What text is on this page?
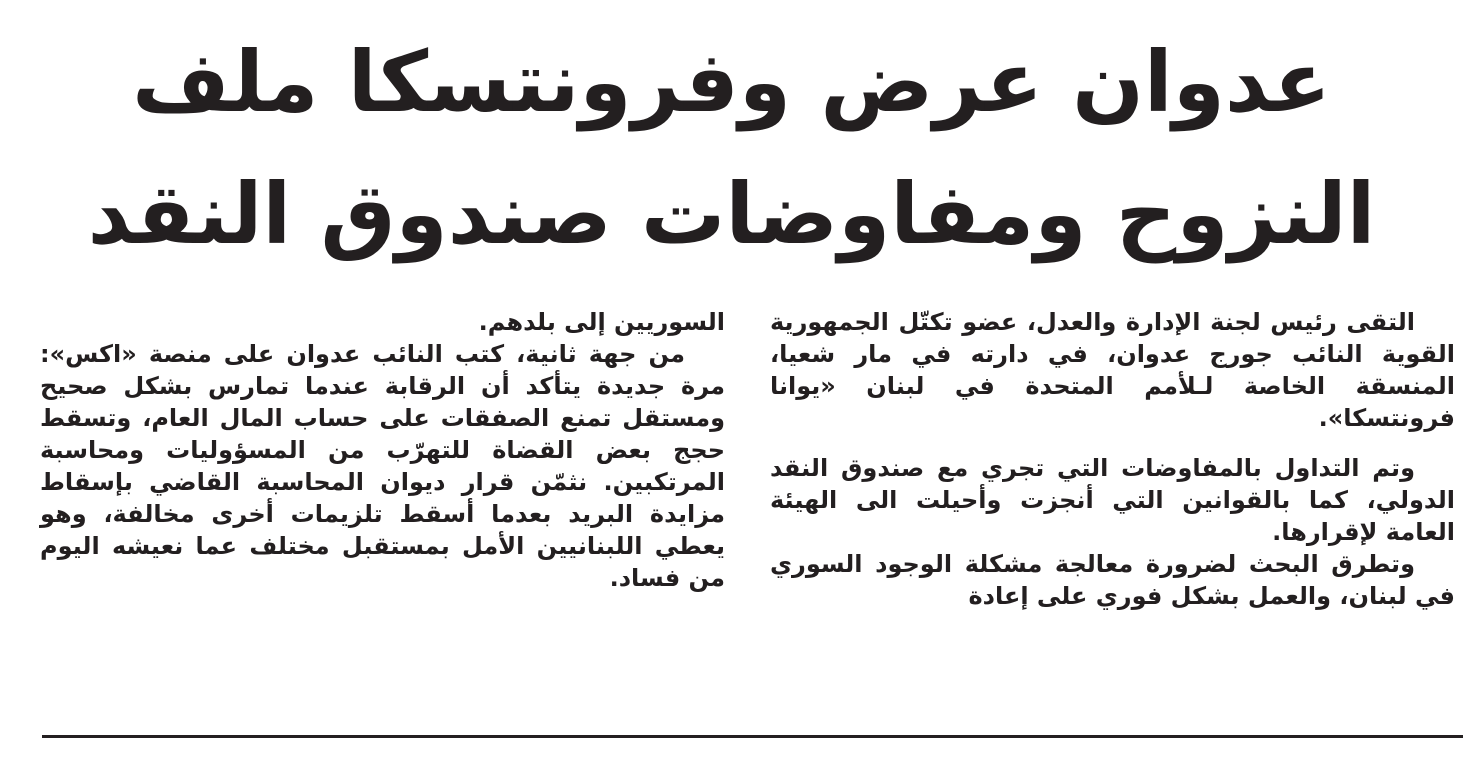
عدوان عرض وفرونتسكا ملف
النزوح ومفاوضات صندوق النقد

التقى رئيس لجنة الإدارة والعدل، عضو تكتّل الجمهورية القوية النائب جورج عدوان، في دارته في مار شعيا، المنسقة الخاصة لـلأمم المتحدة في لبنان «يوانا فرونتسكا».

وتم التداول بالمفاوضات التي تجري مع صندوق النقد الدولي، كما بالقوانين التي أنجزت وأحيلت الى الهيئة العامة لإقرارها.

وتطرق البحث لضرورة معالجة مشكلة الوجود السوري في لبنان، والعمل بشكل فوري على إعادة

السوريين إلى بلدهم.

من جهة ثانية، كتب النائب عدوان على منصة «اكس»: مرة جديدة يتأكد أن الرقابة عندما تمارس بشكل صحيح ومستقل تمنع الصفقات على حساب المال العام، وتسقط حجج بعض القضاة للتهرّب من المسؤوليات ومحاسبة المرتكبين. نثمّن قرار ديوان المحاسبة القاضي بإسقاط مزايدة البريد بعدما أسقط تلزيمات أخرى مخالفة، وهو يعطي اللبنانيين الأمل بمستقبل مختلف عما نعيشه اليوم من فساد.
